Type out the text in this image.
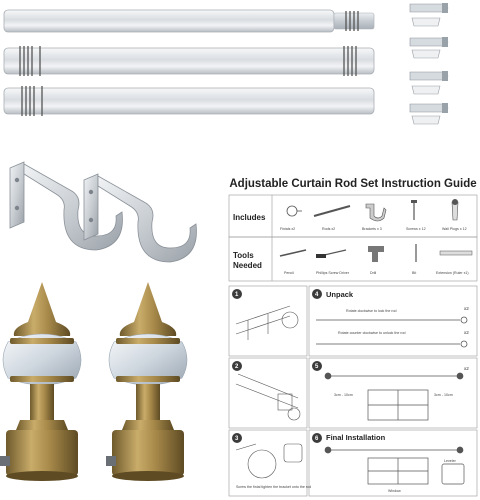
Adjustable Curtain Rod Set Instruction Guide
Includes
Finials x2	Rods x2	Brackets x 3	Screws x 12	Wall Plugs x 12
Tools Needed
Pencil	Phillips Screw Driver	Drill	Bit	Extension (Ruler x1)
1
2
3
4
5
6
Screw the finial tighten the bracket onto the rod
Unpack
Rotate clockwise to lock the rod
Rotate counter clockwise to unlock the rod
x2
x2
3cm - 10cm	3cm - 10cm
x2
Final Installation
Window
Leveler
